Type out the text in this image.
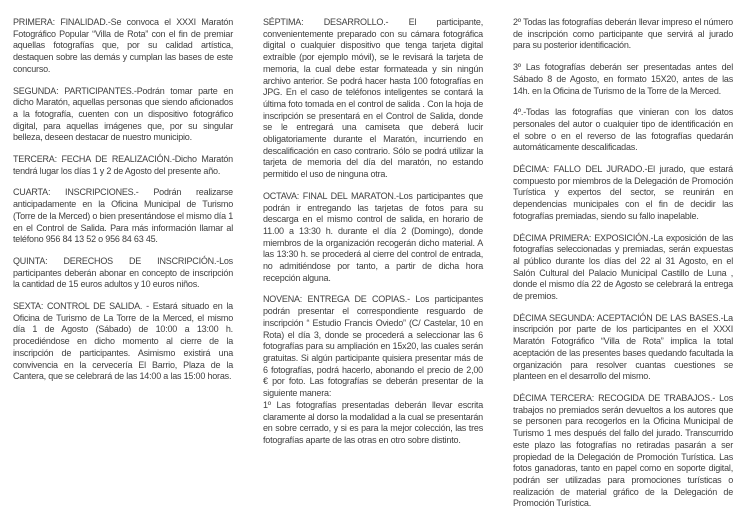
PRIMERA: FINALIDAD.-Se convoca el XXXI Maratón Fotográfico Popular “Villa de Rota” con el fin de premiar aquellas fotografías que, por su calidad artística, destaquen sobre las demás y cumplan las bases de este concurso.

SEGUNDA: PARTICIPANTES.-Podrán tomar parte en dicho Maratón, aquellas personas que siendo aficionados a la fotografía, cuenten con un dispositivo fotográfico digital, para aquellas imágenes que, por su singular belleza, deseen destacar de nuestro municipio.

TERCERA: FECHA DE REALIZACIÓN.-Dicho Maratón tendrá lugar los días 1 y 2 de Agosto del presente año.

CUARTA: INSCRIPCIONES.- Podrán realizarse anticipadamente en la Oficina Municipal de Turismo (Torre de la Merced) o bien presentándose el mismo día 1 en el Control de Salida. Para más información llamar al teléfono 956 84 13 52 o 956 84 63 45.

QUINTA: DERECHOS DE INSCRIPCIÓN.-Los participantes deberán abonar en concepto de inscripción la cantidad de 15 euros adultos y 10 euros niños.

SEXTA: CONTROL DE SALIDA. - Estará situado en la Oficina de Turismo de La Torre de la Merced, el mismo día 1 de Agosto (Sábado) de 10:00 a 13:00 h. procediéndose en dicho momento al cierre de la inscripción de participantes. Asimismo existirá una convivencia en la cervecería El Barrio, Plaza de la Cantera, que se celebrará de las 14:00 a las 15:00 horas.

SÉPTIMA: DESARROLLO.- El participante, convenientemente preparado con su cámara fotográfica digital o cualquier dispositivo que tenga tarjeta digital extraíble (por ejemplo móvil), se le revisará la tarjeta de memoria, la cual debe estar formateada y sin ningún archivo anterior. Se podrá hacer hasta 100 fotografías en JPG. En el caso de teléfonos inteligentes se contará la última foto tomada en el control de salida . Con la hoja de inscripción se presentará en el Control de Salida, donde se le entregará una camiseta que deberá lucir obligatoriamente durante el Maratón, incurriendo en descalificación en caso contrario. Sólo se podrá utilizar la tarjeta de memoria del día del maratón, no estando permitido el uso de ninguna otra.

OCTAVA: FINAL DEL MARATON.-Los participantes que podrán ir entregando las tarjetas de fotos para su descarga en el mismo control de salida, en horario de 11.00 a 13:30 h. durante el día 2 (Domingo), donde miembros de la organización recogerán dicho material. A las 13:30 h. se procederá al cierre del control de entrada, no admitiéndose por tanto, a partir de dicha hora recepción alguna.

NOVENA: ENTREGA DE COPIAS.- Los participantes podrán presentar el correspondiente resguardo de inscripción “ Estudio Francis Oviedo” (C/ Castelar, 10 en Rota) el día 3, donde se procederá a seleccionar las 6 fotografías para su ampliación en 15x20, las cuales serán gratuitas. Si algún participante quisiera presentar más de 6 fotografías, podrá hacerlo, abonando el precio de 2,00 € por foto. Las fotografías se deberán presentar de la siguiente manera:

1º Las fotografías presentadas deberán llevar escrita claramente al dorso la modalidad a la cual se presentarán en sobre cerrado, y si es para la mejor colección, las tres fotografías aparte de las otras en otro sobre distinto.

2º Todas las fotografías deberán llevar impreso el número de inscripción como participante que servirá al jurado para su posterior identificación.

3º Las fotografías deberán ser presentadas antes del Sábado 8 de Agosto, en formato 15X20, antes de las 14h. en la Oficina de Turismo de la Torre de la Merced.

4º.-Todas las fotografías que vinieran con los datos personales del autor o cualquier tipo de identificación en el sobre o en el reverso de las fotografías quedarán automáticamente descalificadas.

DÉCIMA: FALLO DEL JURADO.-El jurado, que estará compuesto por miembros de la Delegación de Promoción Turística y expertos del sector, se reunirán en dependencias municipales con el fin de decidir las fotografías premiadas, siendo su fallo inapelable.

DÉCIMA PRIMERA: EXPOSICIÓN.-La exposición de las fotografías seleccionadas y premiadas, serán expuestas al público durante los días del 22 al 31 Agosto, en el Salón Cultural del Palacio Municipal Castillo de Luna , donde el mismo día 22 de Agosto se celebrará la entrega de premios.

DÉCIMA SEGUNDA: ACEPTACIÓN DE LAS BASES.-La inscripción por parte de los participantes en el XXXI Maratón Fotográfico “Villa de Rota” implica la total aceptación de las presentes bases quedando facultada la organización para resolver cuantas cuestiones se planteen en el desarrollo del mismo.

DÉCIMA TERCERA: RECOGIDA DE TRABAJOS.- Los trabajos no premiados serán devueltos a los autores que se personen para recogerlos en la Oficina Municipal de Turismo 1 mes después del fallo del jurado. Transcurrido este plazo las fotografías no retiradas pasarán a ser propiedad de la Delegación de Promoción Turística. Las fotos ganadoras, tanto en papel como en soporte digital, podrán ser utilizadas para promociones turísticas o realización de material gráfico de la Delegación de Promoción Turística.
